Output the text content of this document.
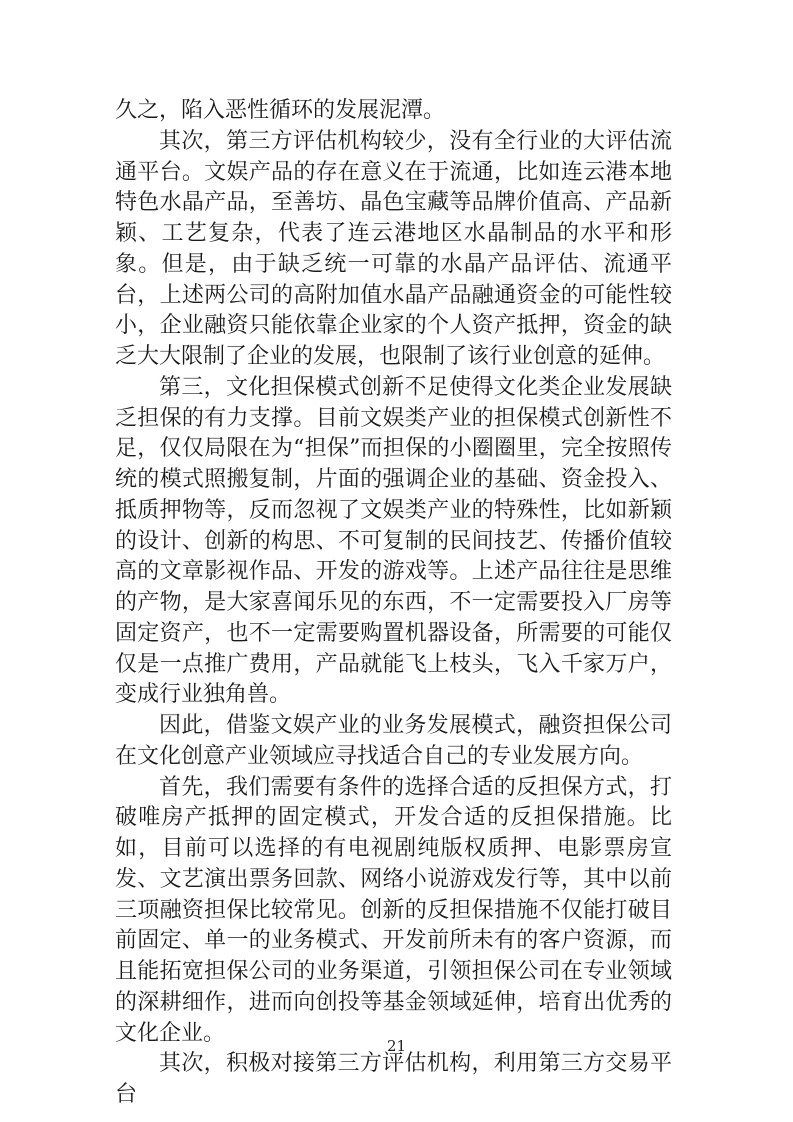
久之，陷入恶性循环的发展泥潭。

其次，第三方评估机构较少，没有全行业的大评估流通平台。文娱产品的存在意义在于流通，比如连云港本地特色水晶产品，至善坊、晶色宝藏等品牌价值高、产品新颖、工艺复杂，代表了连云港地区水晶制品的水平和形象。但是，由于缺乏统一可靠的水晶产品评估、流通平台，上述两公司的高附加值水晶产品融通资金的可能性较小，企业融资只能依靠企业家的个人资产抵押，资金的缺乏大大限制了企业的发展，也限制了该行业创意的延伸。

第三，文化担保模式创新不足使得文化类企业发展缺乏担保的有力支撑。目前文娱类产业的担保模式创新性不足，仅仅局限在为“担保”而担保的小圈圈里，完全按照传统的模式照搬复制，片面的强调企业的基础、资金投入、抵质押物等，反而忽视了文娱类产业的特殊性，比如新颖的设计、创新的构思、不可复制的民间技艺、传播价值较高的文章影视作品、开发的游戏等。上述产品往往是思维的产物，是大家喜闻乐见的东西，不一定需要投入厂房等固定资产，也不一定需要购置机器设备，所需要的可能仅仅是一点推广费用，产品就能飞上枝头，飞入千家万户，变成行业独角兽。

因此，借鉴文娱产业的业务发展模式，融资担保公司在文化创意产业领域应寻找适合自己的专业发展方向。

首先，我们需要有条件的选择合适的反担保方式，打破唯房产抵押的固定模式，开发合适的反担保措施。比如，目前可以选择的有电视剧纯版权质押、电影票房宣发、文艺演出票务回款、网络小说游戏发行等，其中以前三项融资担保比较常见。创新的反担保措施不仅能打破目前固定、单一的业务模式、开发前所未有的客户资源，而且能拓宽担保公司的业务渠道，引领担保公司在专业领域的深耕细作，进而向创投等基金领域延伸，培育出优秀的文化企业。

其次，积极对接第三方评估机构，利用第三方交易平台

21
